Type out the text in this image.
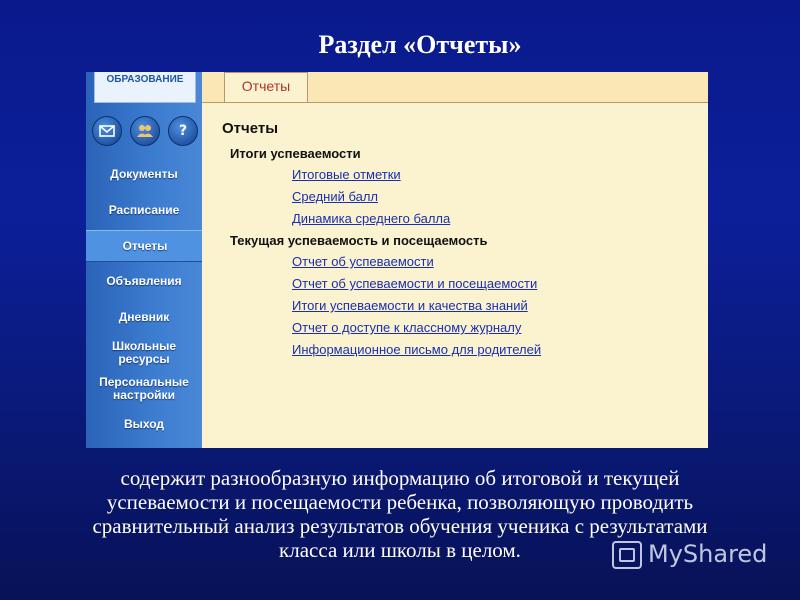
Раздел «Отчеты»
ОБРАЗОВАНИЕ
?
Документы
Расписание
Отчеты
Объявления
Дневник
Школьные ресурсы
Персональные настройки
Выход
Отчеты
Отчеты
Итоги успеваемости
Итоговые отметки
Средний балл
Динамика среднего балла
Текущая успеваемость и посещаемость
Отчет об успеваемости
Отчет об успеваемости и посещаемости
Итоги успеваемости и качества знаний
Отчет о доступе к классному журналу
Информационное письмо для родителей

содержит разнообразную информацию об итоговой и текущей

успеваемости и посещаемости ребенка, позволяющую проводить

сравнительный анализ результатов обучения ученика с результатами

класса или школы в целом.	MyShared
